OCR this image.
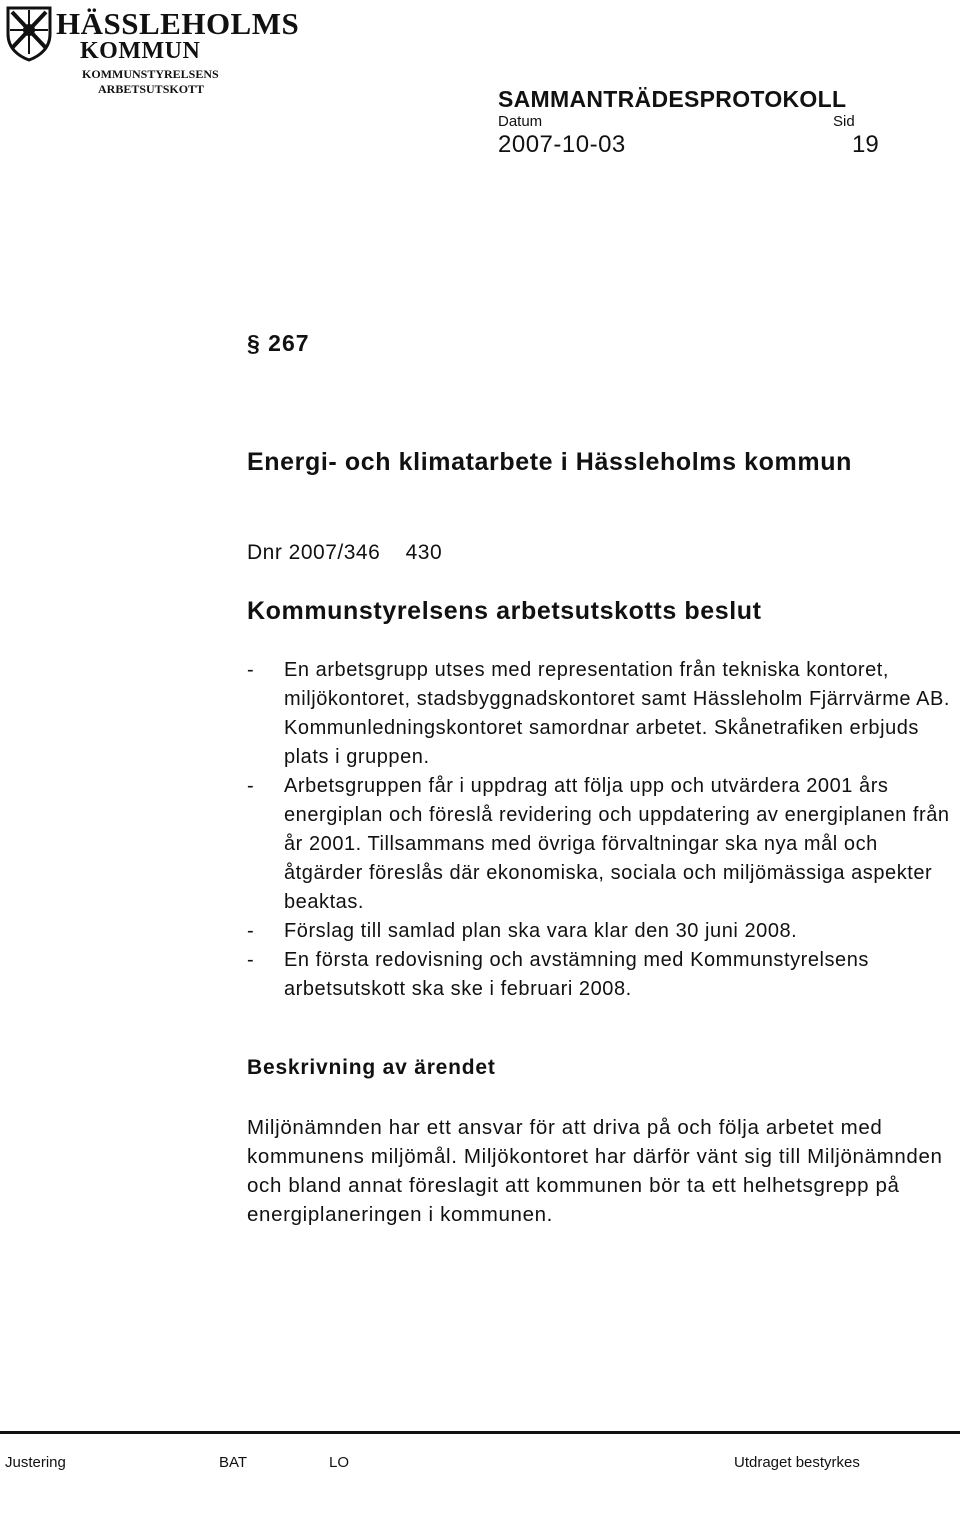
HÄSSLEHOLMS
KOMMUN
KOMMUNSTYRELSENS
ARBETSUTSKOTT	SAMMANTRÄDESPROTOKOLL
Datum	Sid
2007-10-03	19
§ 267
Energi- och klimatarbete i Hässleholms kommun
Dnr 2007/346    430
Kommunstyrelsens arbetsutskotts beslut
- En arbetsgrupp utses med representation från tekniska kontoret, miljökontoret, stadsbyggnadskontoret samt Hässleholm Fjärrvärme AB. Kommunledningskontoret samordnar arbetet. Skånetrafiken erbjuds plats i gruppen.
- Arbetsgruppen får i uppdrag att följa upp och utvärdera 2001 års energiplan och föreslå revidering och uppdatering av energiplanen från år 2001. Tillsammans med övriga förvaltningar ska nya mål och åtgärder föreslås där ekonomiska, sociala och miljömässiga aspekter beaktas.
- Förslag till samlad plan ska vara klar den 30 juni 2008.
- En första redovisning och avstämning med Kommunstyrelsens arbetsutskott ska ske i februari 2008.
Beskrivning av ärendet
Miljönämnden har ett ansvar för att driva på och följa arbetet med kommunens miljömål. Miljökontoret har därför vänt sig till Miljönämnden och bland annat föreslagit att kommunen bör ta ett helhetsgrepp på energiplaneringen i kommunen.
Justering	BAT	LO	Utdraget bestyrkes
